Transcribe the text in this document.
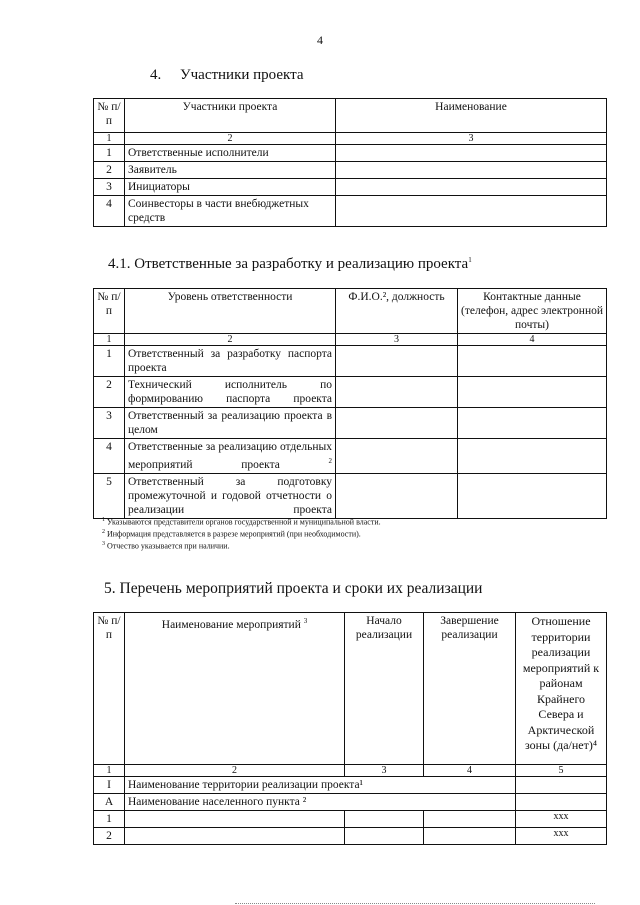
4
4. Участники проекта
№ п/п	Участники проекта	Наименование
1	2	3
1	Ответственные исполнители	
2	Заявитель	
3	Инициаторы	
4	Соинвесторы в части внебюджетных средств	
4.1. Ответственные за разработку и реализацию проекта$^1$
№ п/п	Уровень ответственности	Ф.И.О.², должность	Контактные данные (телефон, адрес электронной почты)
1	2	3	4
1	Ответственный за разработку паспорта проекта		
2	Технический исполнитель по формированию паспорта проекта		
3	Ответственный за реализацию проекта в целом		
4	Ответственные за реализацию отдельных мероприятий проекта $^2$		
5	Ответственный за подготовку промежуточной и годовой отчетности о реализации проекта		
$^1$ Указываются представители органов государственной и муниципальной власти.
$^2$ Информация представляется в разрезе мероприятий (при необходимости).
$^3$ Отчество указывается при наличии.
5. Перечень мероприятий проекта и сроки их реализации
№ п/п	Наименование мероприятий $^3$	Начало реализации	Завершение реализации	Отношение территории реализации мероприятий к районам Крайнего Севера и Арктической зоны (да/нет)⁴
1	2	3	4	5
I	Наименование территории реализации проекта¹			
А	Наименование населенного пункта ²			
1				ххх
2				ххх
